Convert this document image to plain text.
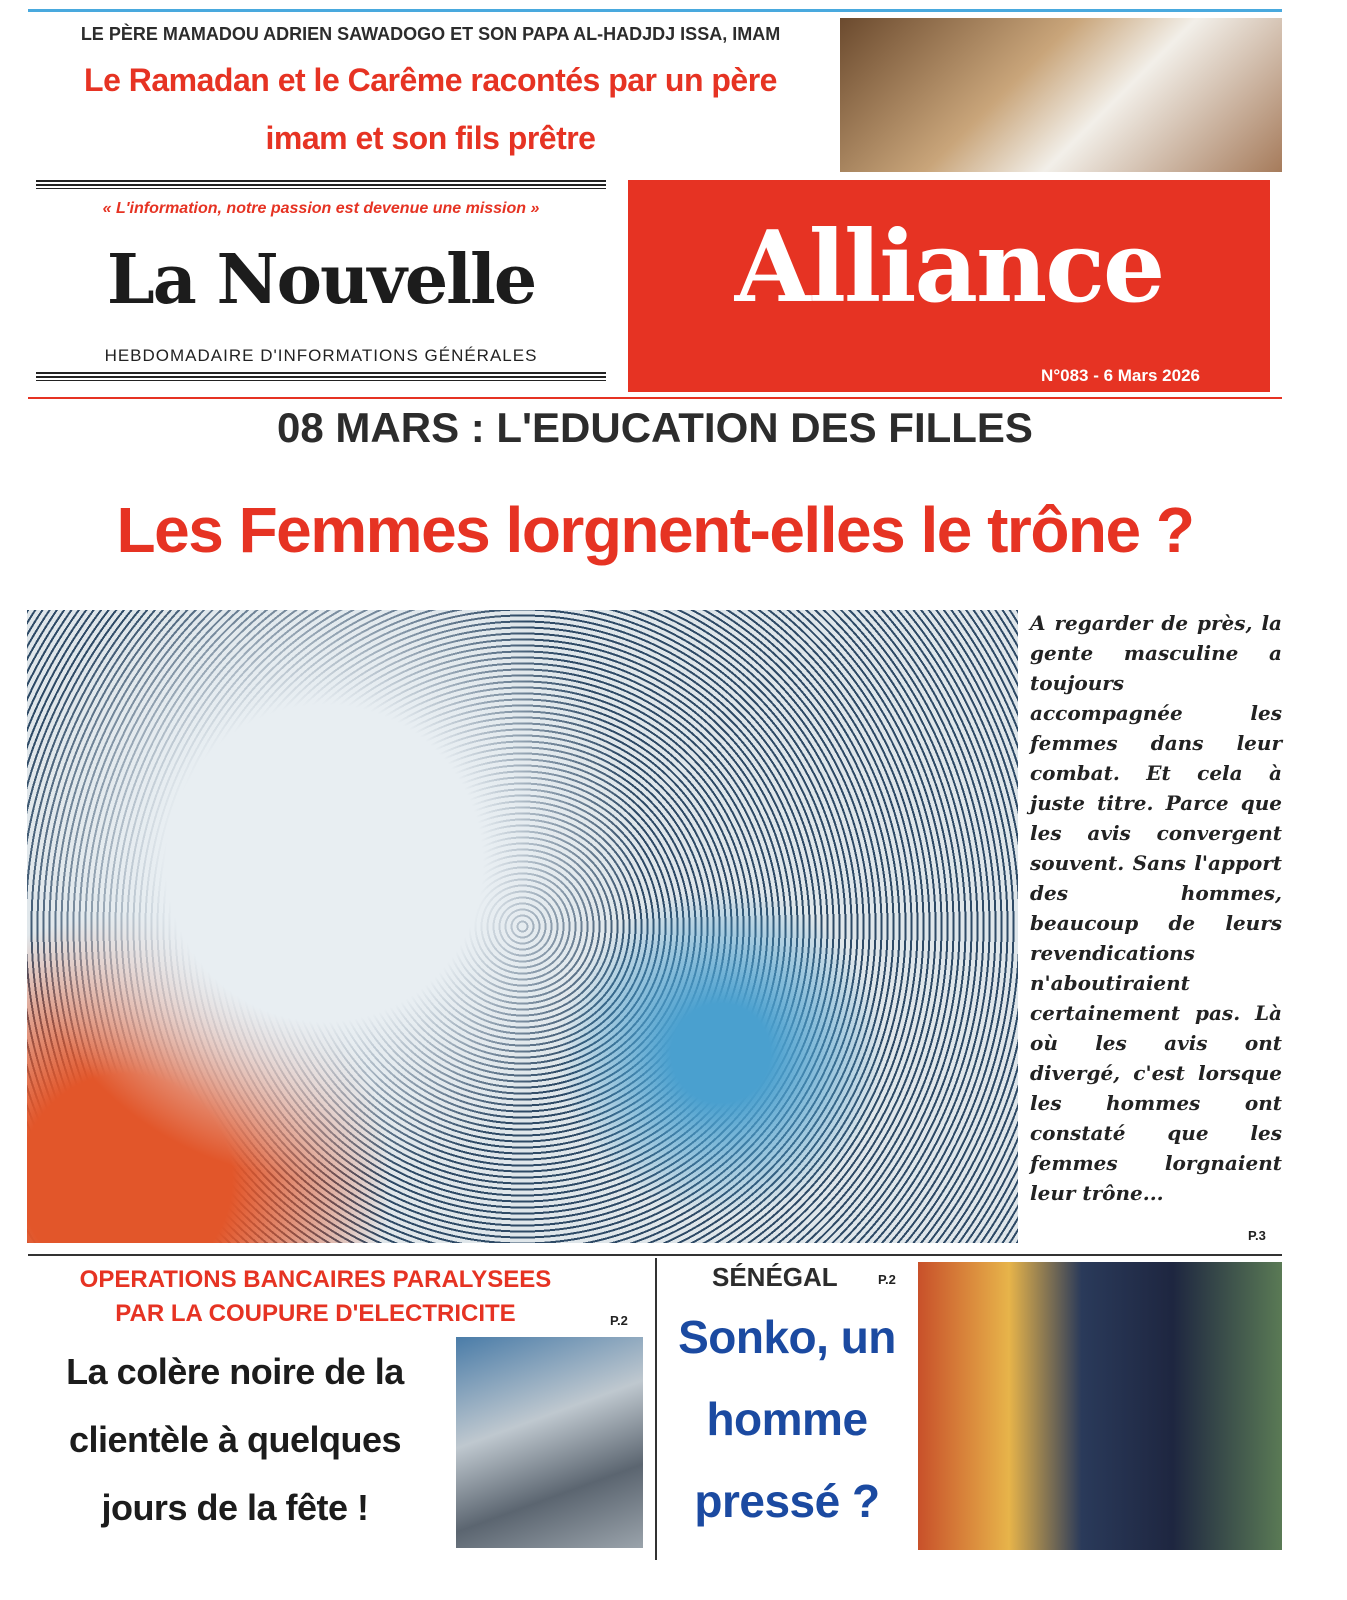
LE PÈRE MAMADOU ADRIEN SAWADOGO ET SON PAPA AL-HADJDJ ISSA, IMAM
Le Ramadan et le Carême racontés par un père
imam et son fils prêtre
« L'information, notre passion est devenue une mission »
La Nouvelle
HEBDOMADAIRE D'INFORMATIONS GÉNÉRALES
Alliance
N°083 - 6 Mars 2026
08 MARS : L'EDUCATION DES FILLES
Les Femmes lorgnent-elles le trône ?
A regarder de près, la gente masculine a toujours accompagnée les femmes dans leur combat. Et cela à juste titre. Parce que les avis convergent souvent. Sans l'apport des hommes, beaucoup de leurs revendications n'aboutiraient certainement pas. Là où les avis ont divergé, c'est lorsque les hommes ont constaté que les femmes lorgnaient leur trône...
P.3
OPERATIONS BANCAIRES PARALYSEES
PAR LA COUPURE D'ELECTRICITE	P.2
La colère noire de la
clientèle à quelques
jours de la fête !
SÉNÉGAL	P.2
Sonko, un
homme
pressé ?
